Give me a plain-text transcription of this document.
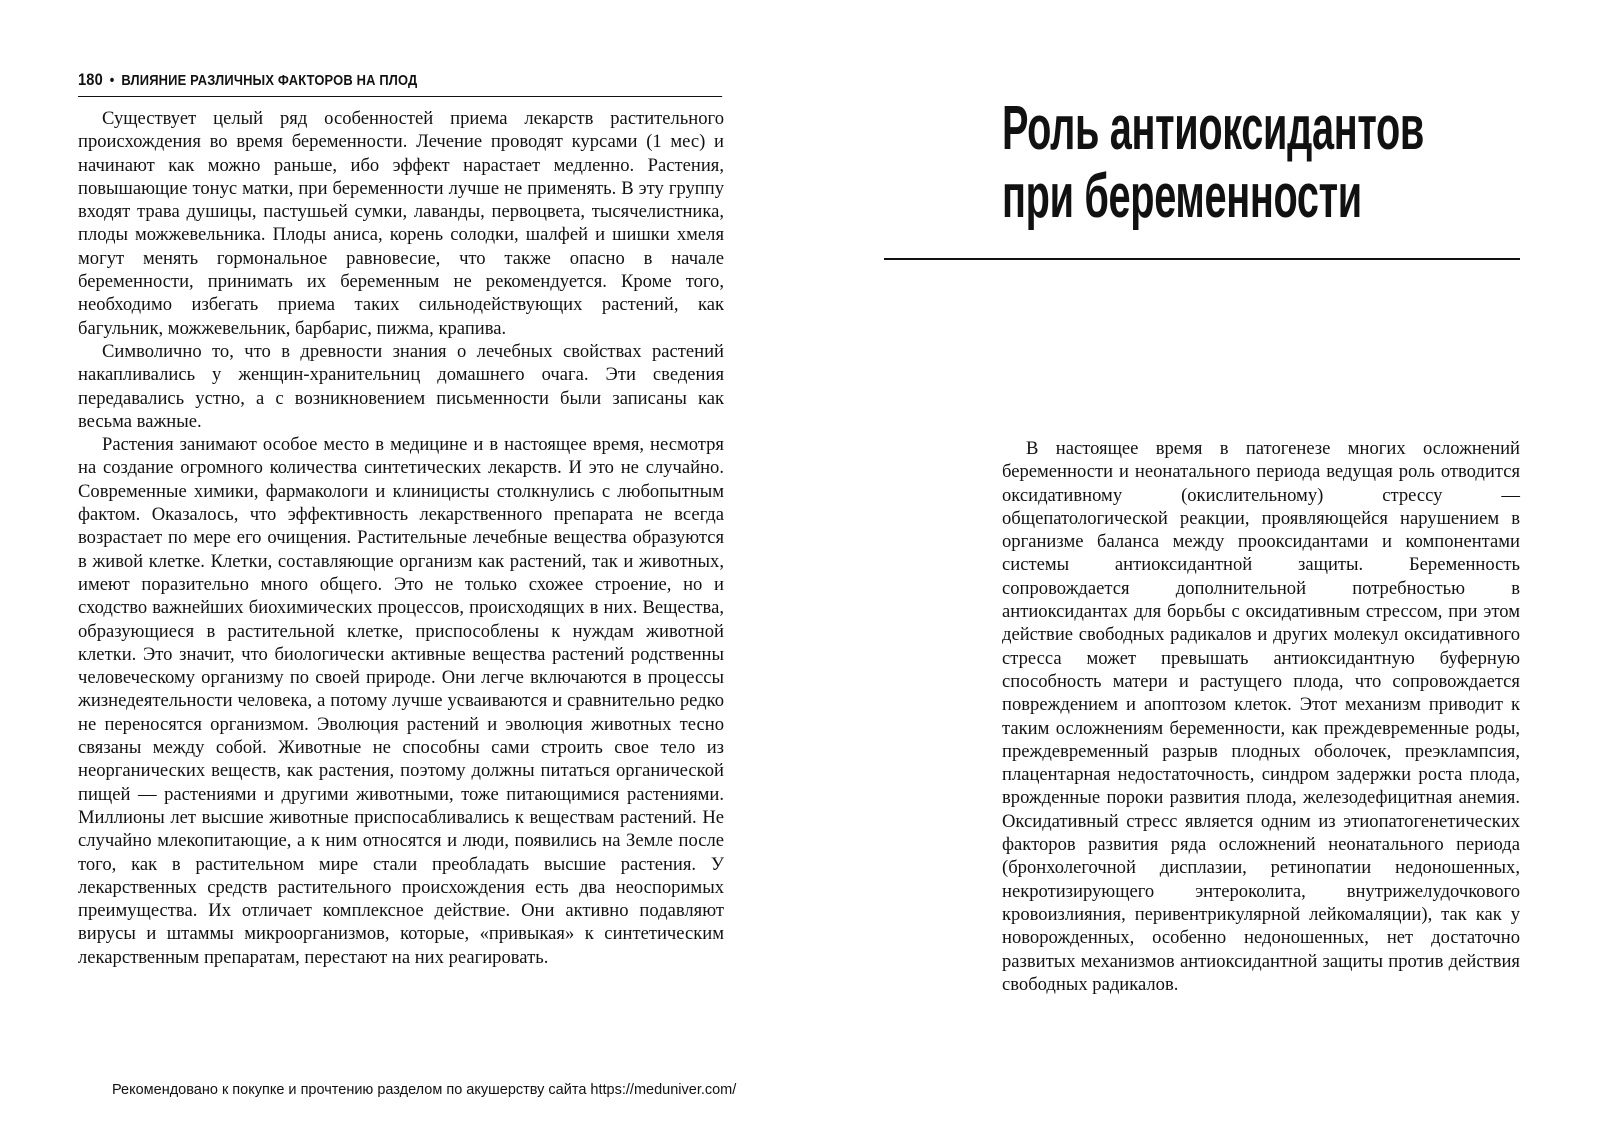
180 • ВЛИЯНИЕ РАЗЛИЧНЫХ ФАКТОРОВ НА ПЛОД

Существует целый ряд особенностей приема лекарств растительного происхождения во время беременности. Лечение проводят курсами (1 мес) и начинают как можно раньше, ибо эффект нарастает медленно. Растения, повышающие тонус матки, при беременности лучше не применять. В эту группу входят трава душицы, пастушьей сумки, лаванды, первоцвета, тысячелистника, плоды можжевельника. Плоды аниса, корень солодки, шалфей и шишки хмеля могут менять гормональное равновесие, что также опасно в начале беременности, принимать их беременным не рекомендуется. Кроме того, необходимо избегать приема таких сильнодействующих растений, как багульник, можжевельник, барбарис, пижма, крапива.

Символично то, что в древности знания о лечебных свойствах растений накапливались у женщин-хранительниц домашнего очага. Эти сведения передавались устно, а с возникновением письменности были записаны как весьма важные.

Растения занимают особое место в медицине и в настоящее время, несмотря на создание огромного количества синтетических лекарств. И это не случайно. Современные химики, фармакологи и клиницисты столкнулись с любопытным фактом. Оказалось, что эффективность лекарственного препарата не всегда возрастает по мере его очищения. Растительные лечебные вещества образуются в живой клетке. Клетки, составляющие организм как растений, так и животных, имеют поразительно много общего. Это не только схожее строение, но и сходство важнейших биохимических процессов, происходящих в них. Вещества, образующиеся в растительной клетке, приспособлены к нуждам животной клетки. Это значит, что биологически активные вещества растений родственны человеческому организму по своей природе. Они легче включаются в процессы жизнедеятельности человека, а потому лучше усваиваются и сравнительно редко не переносятся организмом. Эволюция растений и эволюция животных тесно связаны между собой. Животные не способны сами строить свое тело из неорганических веществ, как растения, поэтому должны питаться органической пищей — растениями и другими животными, тоже питающимися растениями. Миллионы лет высшие животные приспосабливались к веществам растений. Не случайно млекопитающие, а к ним относятся и люди, появились на Земле после того, как в растительном мире стали преобладать высшие растения. У лекарственных средств растительного происхождения есть два неоспоримых преимущества. Их отличает комплексное действие. Они активно подавляют вирусы и штаммы микроорганизмов, которые, «привыкая» к синтетическим лекарственным препаратам, перестают на них реагировать.

Роль антиоксидантов
при беременности

В настоящее время в патогенезе многих осложнений беременности и неонатального периода ведущая роль отводится оксидативному (окислительному) стрессу — общепатологической реакции, проявляющейся нарушением в организме баланса между прооксидантами и компонентами системы антиоксидантной защиты. Беременность сопровождается дополнительной потребностью в антиоксидантах для борьбы с оксидативным стрессом, при этом действие свободных радикалов и других молекул оксидативного стресса может превышать антиоксидантную буферную способность матери и растущего плода, что сопровождается повреждением и апоптозом клеток. Этот механизм приводит к таким осложнениям беременности, как преждевременные роды, преждевременный разрыв плодных оболочек, преэклампсия, плацентарная недостаточность, синдром задержки роста плода, врожденные пороки развития плода, железодефицитная анемия. Оксидативный стресс является одним из этиопатогенетических факторов развития ряда осложнений неонатального периода (бронхолегочной дисплазии, ретинопатии недоношенных, некротизирующего энтероколита, внутрижелудочкового кровоизлияния, перивентрикулярной лейкомаляции), так как у новорожденных, особенно недоношенных, нет достаточно развитых механизмов антиоксидантной защиты против действия свободных радикалов.

Рекомендовано к покупке и прочтению разделом по акушерству сайта https://meduniver.com/
